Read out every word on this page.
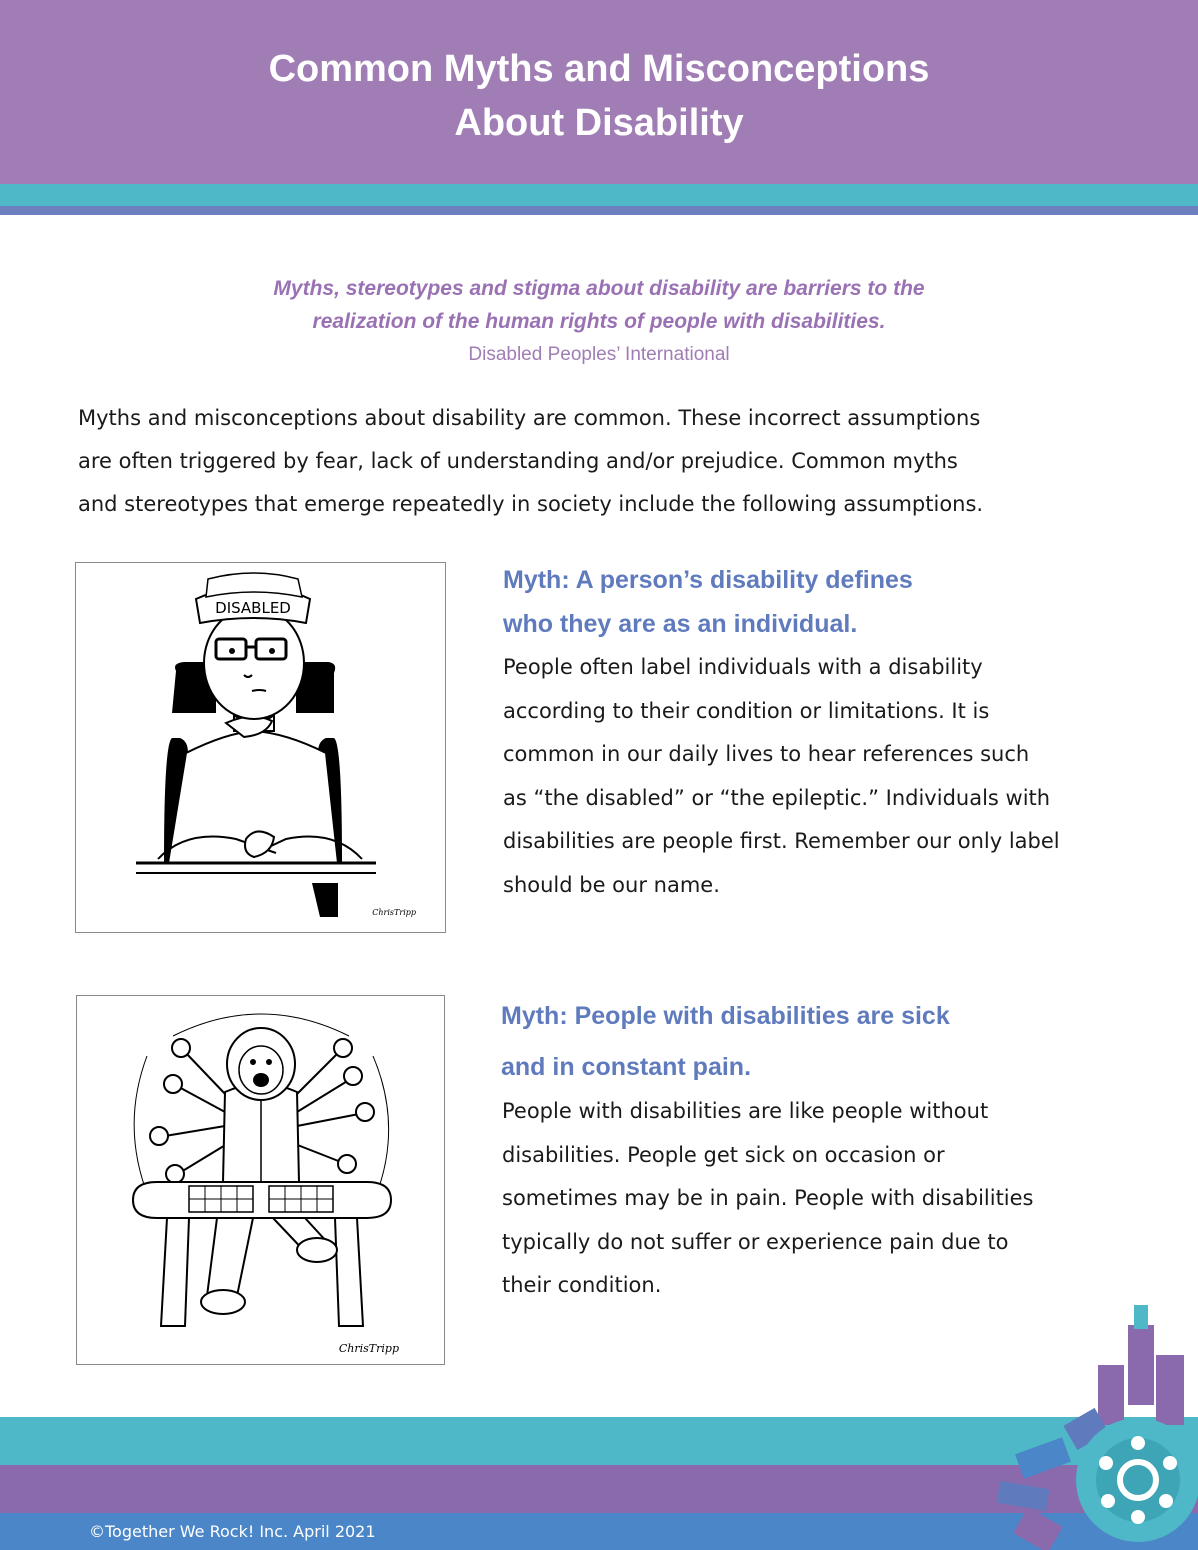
Common Myths and Misconceptions
About Disability
Myths, stereotypes and stigma about disability are barriers to the
realization of the human rights of people with disabilities.
Disabled Peoples’ International
Myths and misconceptions about disability are common. These incorrect assumptions
are often triggered by fear, lack of understanding and/or prejudice. Common myths
and stereotypes that emerge repeatedly in society include the following assumptions.
DISABLED
ChrisTripp
Myth: A person’s disability defines
who they are as an individual.
People often label individuals with a disability
according to their condition or limitations. It is
common in our daily lives to hear references such
as “the disabled” or “the epileptic.” Individuals with
disabilities are people first. Remember our only label
should be our name.
ChrisTripp
Myth: People with disabilities are sick
and in constant pain.
People with disabilities are like people without
disabilities. People get sick on occasion or
sometimes may be in pain. People with disabilities
typically do not suffer or experience pain due to
their condition.

©Together We Rock! Inc. April 2021
